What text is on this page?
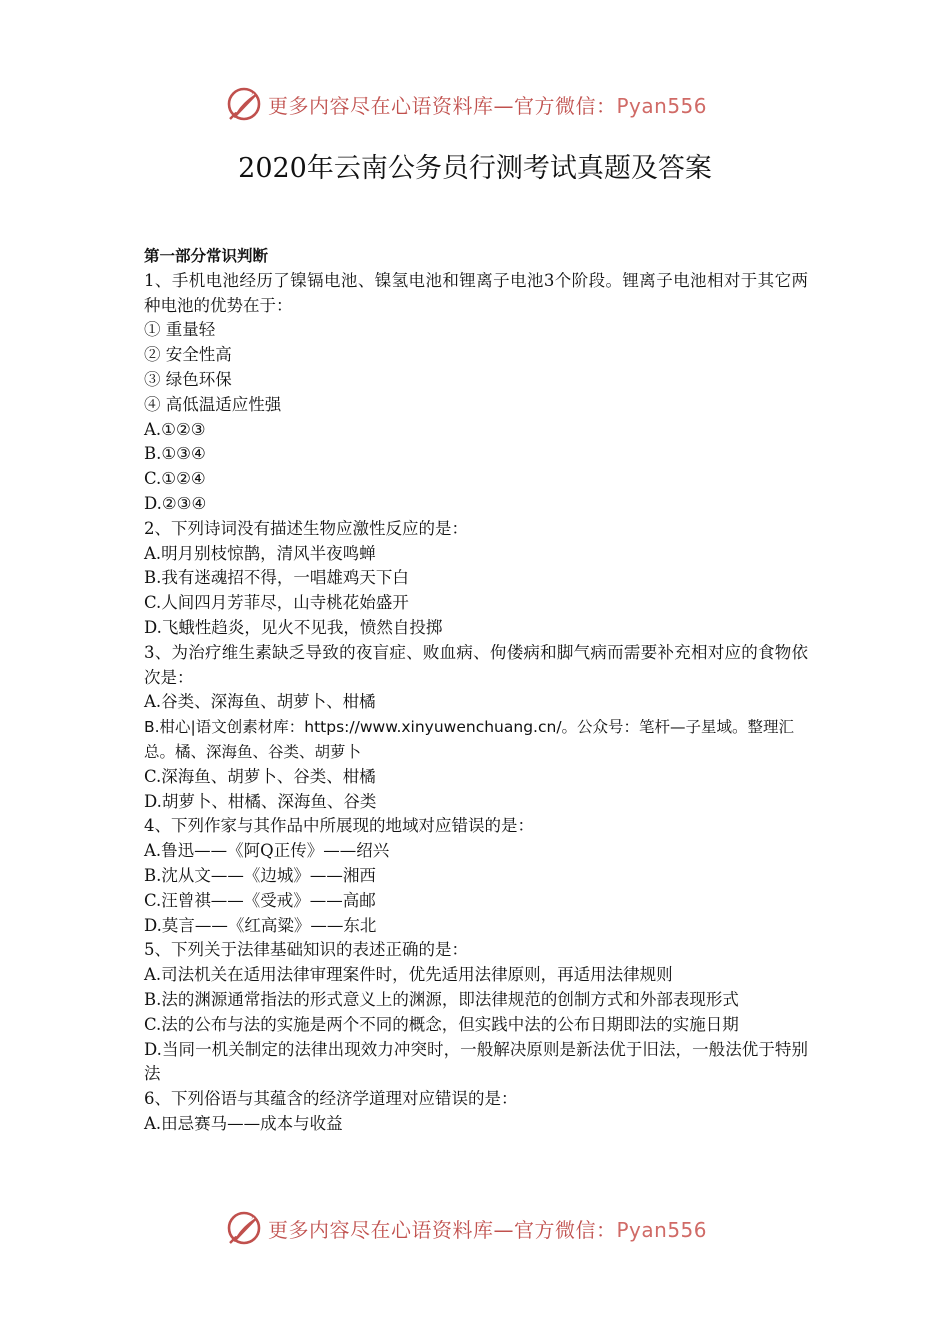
更多内容尽在心语资料库—官方微信：Pyan556
2020年云南公务员行测考试真题及答案

第一部分常识判断

1、手机电池经历了镍镉电池、镍氢电池和锂离子电池3个阶段。锂离子电池相对于其它两种电池的优势在于：

① 重量轻

② 安全性高

③ 绿色环保

④ 高低温适应性强

A.①②③

B.①③④

C.①②④

D.②③④

2、下列诗词没有描述生物应激性反应的是：

A.明月别枝惊鹊，清风半夜鸣蝉

B.我有迷魂招不得，一唱雄鸡天下白

C.人间四月芳菲尽，山寺桃花始盛开

D.飞蛾性趋炎，见火不见我，愤然自投掷

3、为治疗维生素缺乏导致的夜盲症、败血病、佝偻病和脚气病而需要补充相对应的食物依次是：

A.谷类、深海鱼、胡萝卜、柑橘

B.柑心|语文创素材库：https://www.xinyuwenchuang.cn/。公众号：笔杆—子星域。整理汇总。橘、深海鱼、谷类、胡萝卜

C.深海鱼、胡萝卜、谷类、柑橘

D.胡萝卜、柑橘、深海鱼、谷类

4、下列作家与其作品中所展现的地域对应错误的是：

A.鲁迅——《阿Q正传》——绍兴

B.沈从文——《边城》——湘西

C.汪曾祺——《受戒》——高邮

D.莫言——《红高粱》——东北

5、下列关于法律基础知识的表述正确的是：

A.司法机关在适用法律审理案件时，优先适用法律原则，再适用法律规则

B.法的渊源通常指法的形式意义上的渊源，即法律规范的创制方式和外部表现形式

C.法的公布与法的实施是两个不同的概念，但实践中法的公布日期即法的实施日期

D.当同一机关制定的法律出现效力冲突时，一般解决原则是新法优于旧法，一般法优于特别法

6、下列俗语与其蕴含的经济学道理对应错误的是：

A.田忌赛马——成本与收益

更多内容尽在心语资料库—官方微信：Pyan556
